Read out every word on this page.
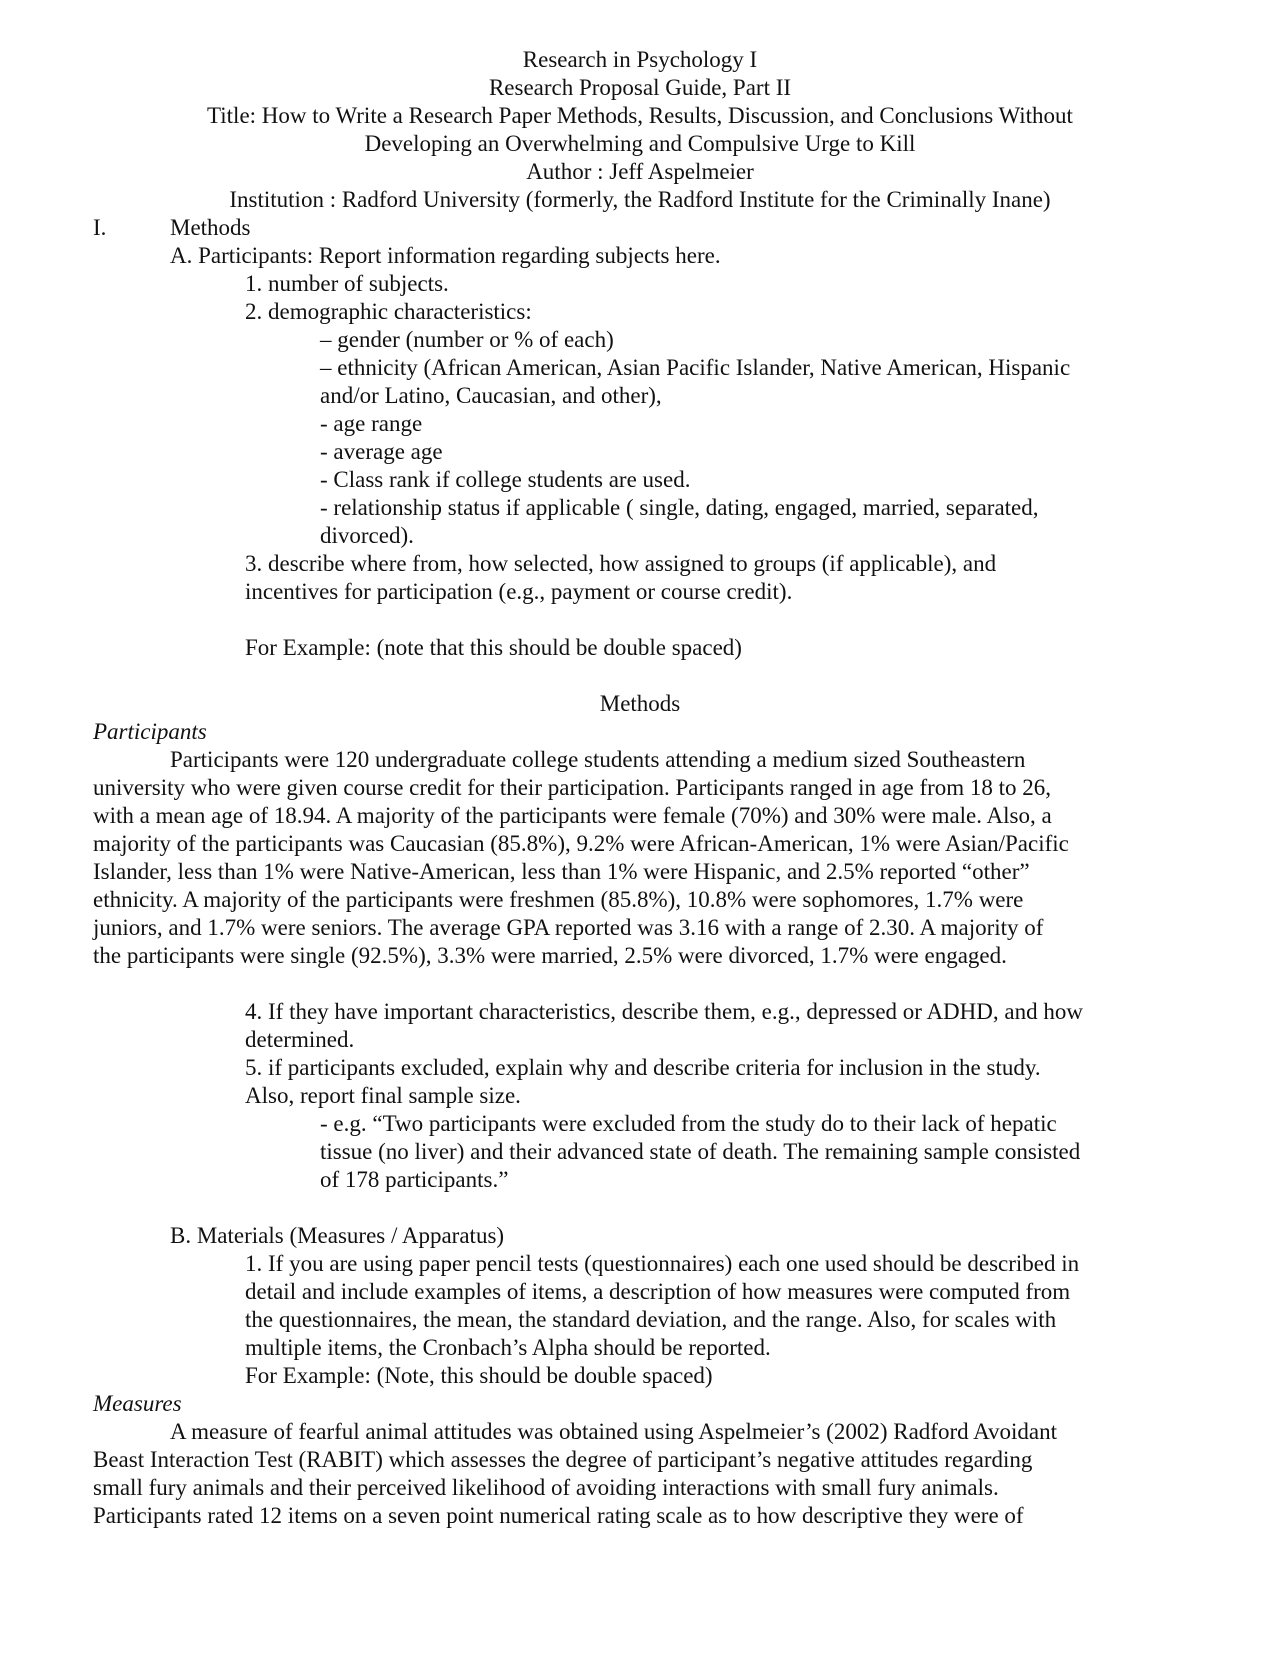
Research in Psychology I
Research Proposal Guide, Part II
Title: How to Write a Research Paper Methods, Results, Discussion, and Conclusions Without
Developing an Overwhelming and Compulsive Urge to Kill
Author : Jeff Aspelmeier
Institution : Radford University (formerly, the Radford Institute for the Criminally Inane)
I.	Methods
A. Participants: Report information regarding subjects here.
1. number of subjects.
2. demographic characteristics:
– gender (number or % of each)
– ethnicity (African American, Asian Pacific Islander, Native American, Hispanic
and/or Latino, Caucasian, and other),
- age range
- average age
- Class rank if college students are used.
- relationship status if applicable ( single, dating, engaged, married, separated,
divorced).
3. describe where from, how selected, how assigned to groups (if applicable), and
incentives for participation (e.g., payment or course credit).
For Example: (note that this should be double spaced)
Methods
Participants
Participants were 120 undergraduate college students attending a medium sized Southeastern
university who were given course credit for their participation. Participants ranged in age from 18 to 26,
with a mean age of 18.94. A majority of the participants were female (70%) and 30% were male. Also, a
majority of the participants was Caucasian (85.8%), 9.2% were African-American, 1% were Asian/Pacific
Islander, less than 1% were Native-American, less than 1% were Hispanic, and 2.5% reported “other”
ethnicity. A majority of the participants were freshmen (85.8%), 10.8% were sophomores, 1.7% were
juniors, and 1.7% were seniors. The average GPA reported was 3.16 with a range of 2.30. A majority of
the participants were single (92.5%), 3.3% were married, 2.5% were divorced, 1.7% were engaged.
4. If they have important characteristics, describe them, e.g., depressed or ADHD, and how
determined.
5. if participants excluded, explain why and describe criteria for inclusion in the study.
Also, report final sample size.
- e.g. “Two participants were excluded from the study do to their lack of hepatic
tissue (no liver) and their advanced state of death. The remaining sample consisted
of 178 participants.”
B. Materials (Measures / Apparatus)
1. If you are using paper pencil tests (questionnaires) each one used should be described in
detail and include examples of items, a description of how measures were computed from
the questionnaires, the mean, the standard deviation, and the range. Also, for scales with
multiple items, the Cronbach’s Alpha should be reported.
For Example: (Note, this should be double spaced)
Measures
A measure of fearful animal attitudes was obtained using Aspelmeier’s (2002) Radford Avoidant
Beast Interaction Test (RABIT) which assesses the degree of participant’s negative attitudes regarding
small fury animals and their perceived likelihood of avoiding interactions with small fury animals.
Participants rated 12 items on a seven point numerical rating scale as to how descriptive they were of
